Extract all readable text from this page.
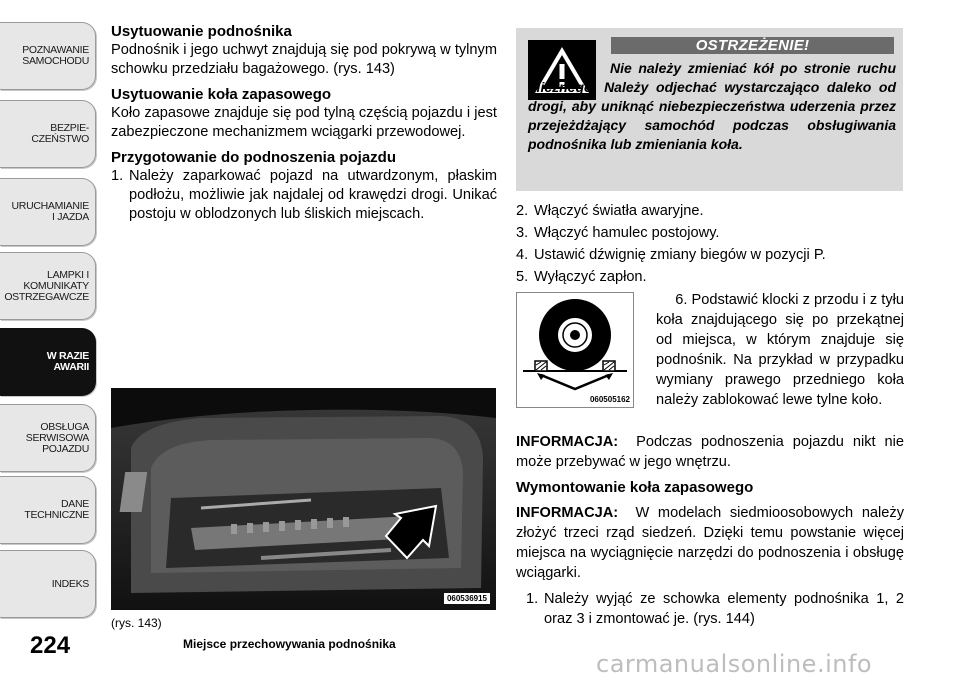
POZNAWANIE
SAMOCHODU
BEZPIE-
CZEŃSTWO
URUCHAMIANIE
I JAZDA
LAMPKI I
KOMUNIKATY
OSTRZEGAWCZE
W RAZIE
AWARII
OBSŁUGA
SERWISOWA
POJAZDU
DANE
TECHNICZNE
INDEKS
224
Usytuowanie podnośnika
Podnośnik i jego uchwyt znajdują się pod pokrywą w tylnym schowku przedziału bagażowego. (rys. 143)
Usytuowanie koła zapasowego
Koło zapasowe znajduje się pod tylną częścią pojazdu i jest zabezpieczone mechanizmem wciągarki przewodowej.
Przygotowanie do podnoszenia pojazdu
1. Należy zaparkować pojazd na utwardzonym, płaskim podłożu, możliwie jak najdalej od krawędzi drogi. Unikać postoju w oblodzonych lub śliskich miejscach.
060536915
(rys. 143)
Miejsce przechowywania podnośnika
OSTRZEŻENIE!
Nie należy zmieniać kół po stronie ruchu ulicznego. Należy odjechać wystarczająco daleko od drogi, aby uniknąć niebezpieczeństwa uderzenia przez przejeżdżający samochód podczas obsługiwania podnośnika lub zmieniania koła.
2. Włączyć światła awaryjne.
3. Włączyć hamulec postojowy.
4. Ustawić dźwignię zmiany biegów w pozycji P.
5. Wyłączyć zapłon.
060505162
6. Podstawić klocki z przodu i z tyłu
koła znajdującego się po przekątnej od miejsca, w którym znajduje się podnośnik. Na przykład w przypadku wymiany prawego przedniego koła należy zablokować lewe tylne koło.
INFORMACJA: Podczas podnoszenia pojazdu nikt nie może przebywać w jego wnętrzu.
Wymontowanie koła zapasowego
INFORMACJA: W modelach siedmioosobowych należy złożyć trzeci rząd siedzeń. Dzięki temu powstanie więcej miejsca na wyciągnięcie narzędzi do podnoszenia i obsługę wciągarki.
1. Należy wyjąć ze schowka elementy podnośnika 1, 2 oraz 3 i zmontować je. (rys. 144)
carmanualsonline.info
